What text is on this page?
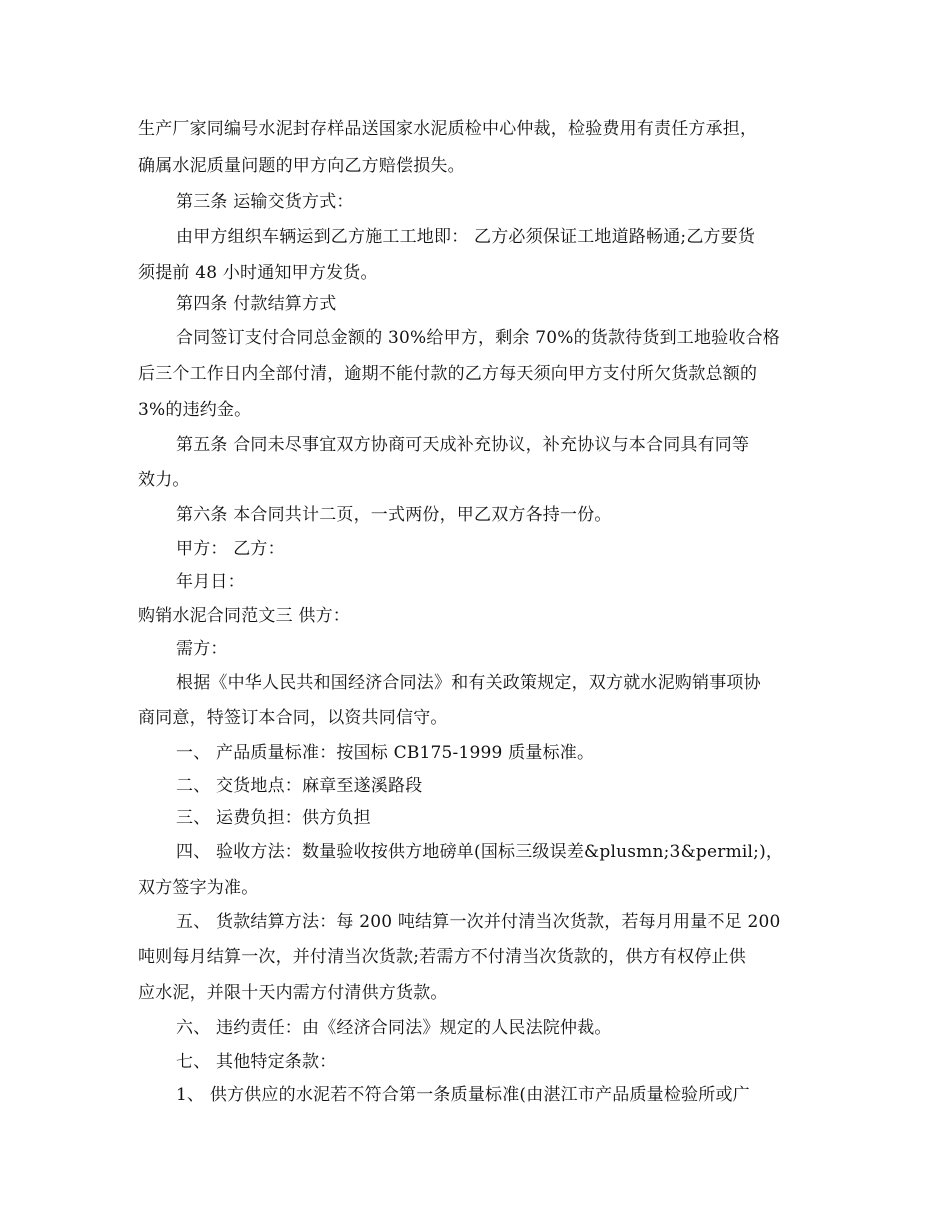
生产厂家同编号水泥封存样品送国家水泥质检中心仲裁，检验费用有责任方承担，
确属水泥质量问题的甲方向乙方赔偿损失。
第三条 运输交货方式：
由甲方组织车辆运到乙方施工工地即： 乙方必须保证工地道路畅通;乙方要货
须提前 48 小时通知甲方发货。
第四条 付款结算方式
合同签订支付合同总金额的 30%给甲方，剩余 70%的货款待货到工地验收合格
后三个工作日内全部付清，逾期不能付款的乙方每天须向甲方支付所欠货款总额的
3%的违约金。
第五条 合同未尽事宜双方协商可天成补充协议，补充协议与本合同具有同等
效力。
第六条 本合同共计二页，一式两份，甲乙双方各持一份。
甲方： 乙方：
年月日：
购销水泥合同范文三 供方：
需方：
根据《中华人民共和国经济合同法》和有关政策规定，双方就水泥购销事项协
商同意，特签订本合同，以资共同信守。
一、 产品质量标准：按国标 CB175-1999 质量标准。
二、 交货地点：麻章至遂溪路段
三、 运费负担：供方负担
四、 验收方法：数量验收按供方地磅单(国标三级误差&plusmn;3&permil;)，
双方签字为准。
五、 货款结算方法：每 200 吨结算一次并付清当次货款，若每月用量不足 200
吨则每月结算一次，并付清当次货款;若需方不付清当次货款的，供方有权停止供
应水泥，并限十天内需方付清供方货款。
六、 违约责任：由《经济合同法》规定的人民法院仲裁。
七、 其他特定条款：
1、 供方供应的水泥若不符合第一条质量标准(由湛江市产品质量检验所或广
